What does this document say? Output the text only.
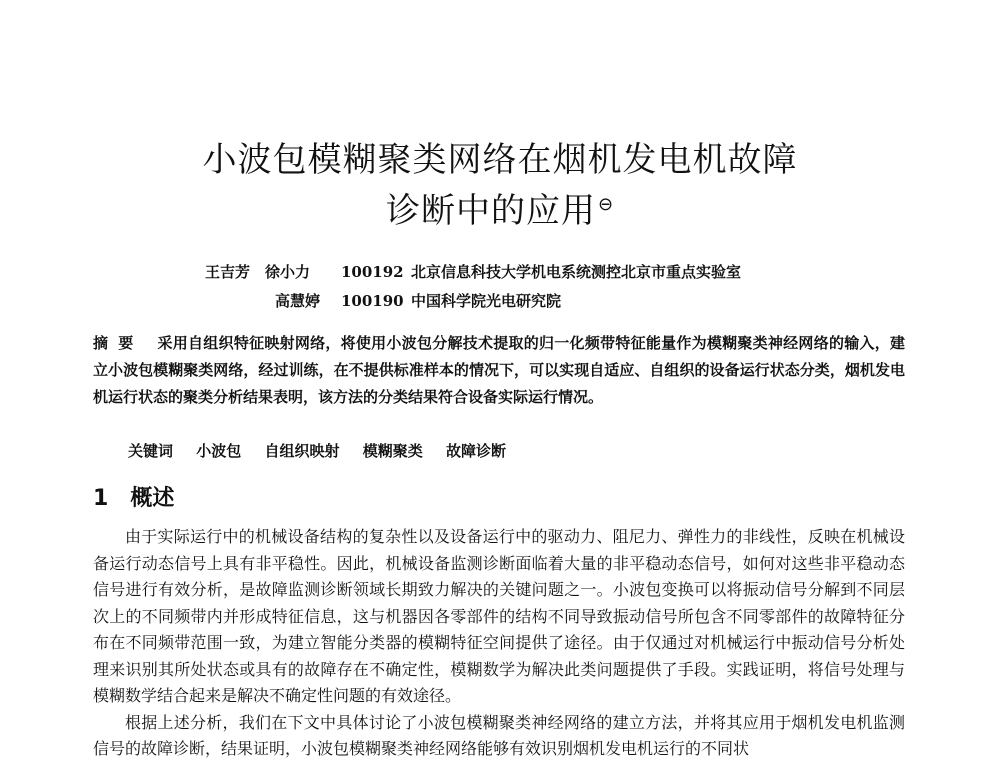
小波包模糊聚类网络在烟机发电机故障
诊断中的应用 ⊖
王吉芳　徐小力 100192 北京信息科技大学机电系统测控北京市重点实验室
高慧婷 100190 中国科学院光电研究院
摘要 采用自组织特征映射网络，将使用小波包分解技术提取的归一化频带特征能量作为模糊聚类神经网络的输入，建立小波包模糊聚类网络，经过训练，在不提供标准样本的情况下，可以实现自适应、自组织的设备运行状态分类，烟机发电机运行状态的聚类分析结果表明，该方法的分类结果符合设备实际运行情况。
关键词 小波包 自组织映射 模糊聚类 故障诊断
1 概述

由于实际运行中的机械设备结构的复杂性以及设备运行中的驱动力、阻尼力、弹性力的非线性，反映在机械设备运行动态信号上具有非平稳性。因此，机械设备监测诊断面临着大量的非平稳动态信号，如何对这些非平稳动态信号进行有效分析，是故障监测诊断领域长期致力解决的关键问题之一。小波包变换可以将振动信号分解到不同层次上的不同频带内并形成特征信息，这与机器因各零部件的结构不同导致振动信号所包含不同零部件的故障特征分布在不同频带范围一致，为建立智能分类器的模糊特征空间提供了途径。由于仅通过对机械运行中振动信号分析处理来识别其所处状态或具有的故障存在不确定性，模糊数学为解决此类问题提供了手段。实践证明，将信号处理与模糊数学结合起来是解决不确定性问题的有效途径。

根据上述分析，我们在下文中具体讨论了小波包模糊聚类神经网络的建立方法，并将其应用于烟机发电机监测信号的故障诊断，结果证明，小波包模糊聚类神经网络能够有效识别烟机发电机运行的不同状
